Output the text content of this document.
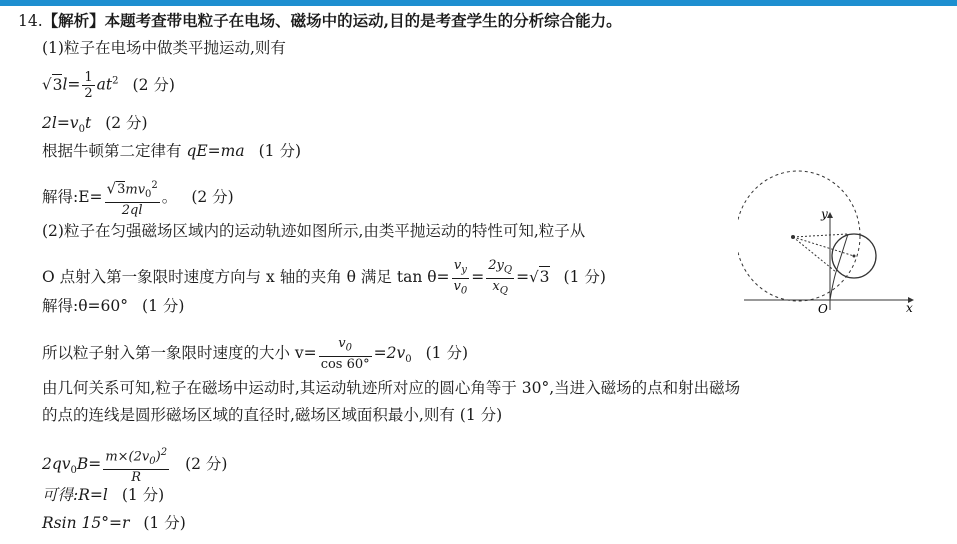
14.【解析】本题考查带电粒子在电场、磁场中的运动,目的是考查学生的分析综合能力。
(1)粒子在电场中做类平抛运动,则有
$√3l= \frac{1}{2} at^2$ (2 分)
$2l=v_0t$ (2 分)
根据牛顿第二定律有 qE=ma (1 分)
解得:E= $\frac{√3mv_0^2}{2ql}$ 。 (2 分)
(2)粒子在匀强磁场区域内的运动轨迹如图所示,由类平抛运动的特性可知,粒子从
O 点射入第一象限时速度方向与 x 轴的夹角 θ 满足 $\tan \theta= \frac{v_y}{v_0} = \frac{2y_Q}{x_Q} =√3$ (1 分)
解得:θ=60° (1 分)
所以粒子射入第一象限时速度的大小 $v= \frac{v_0}{\cos 60^\circ} =2v_0$ (1 分)
由几何关系可知,粒子在磁场中运动时,其运动轨迹所对应的圆心角等于 30°,当进入磁场的点和射出磁场
的点的连线是圆形磁场区域的直径时,磁场区域面积最小,则有 (1 分)
$2qv_0B= \frac{m\times(2v_0)^2}{R} (2$ 分)
可得:R=l (1 分)
Rsin 15°=r (1 分)
y
x
O
